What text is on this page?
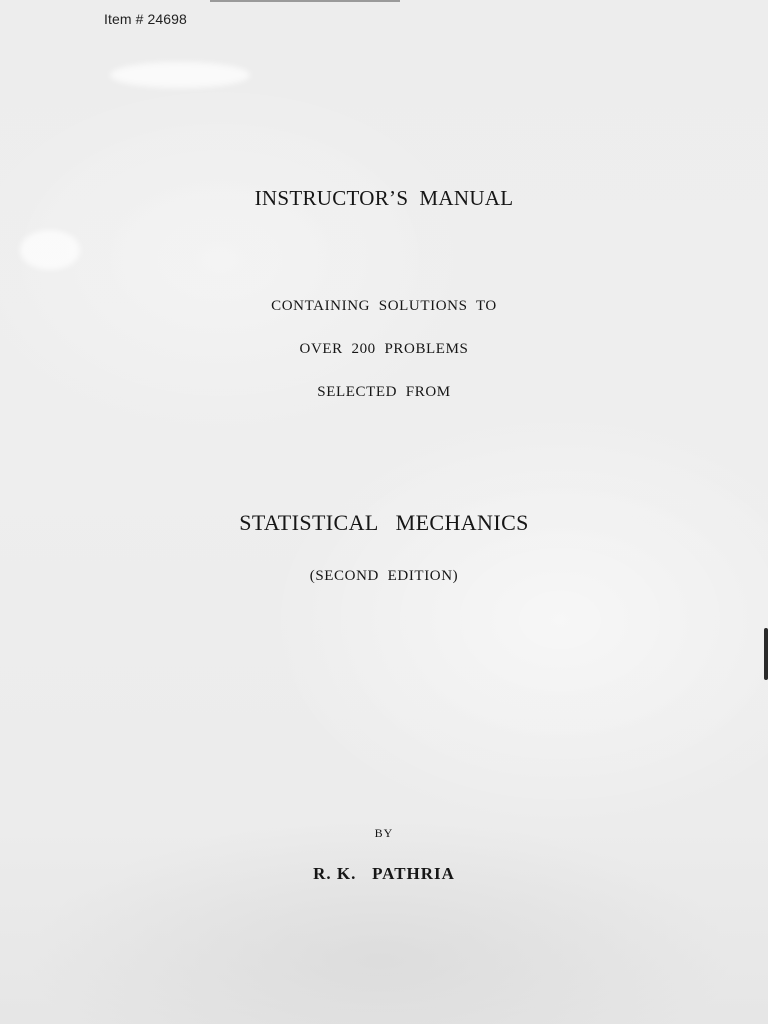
Item # 24698
INSTRUCTOR’S  MANUAL
CONTAINING  SOLUTIONS  TO
OVER  200  PROBLEMS
SELECTED  FROM
STATISTICAL   MECHANICS
(SECOND  EDITION)
BY
R. K.   PATHRIA
